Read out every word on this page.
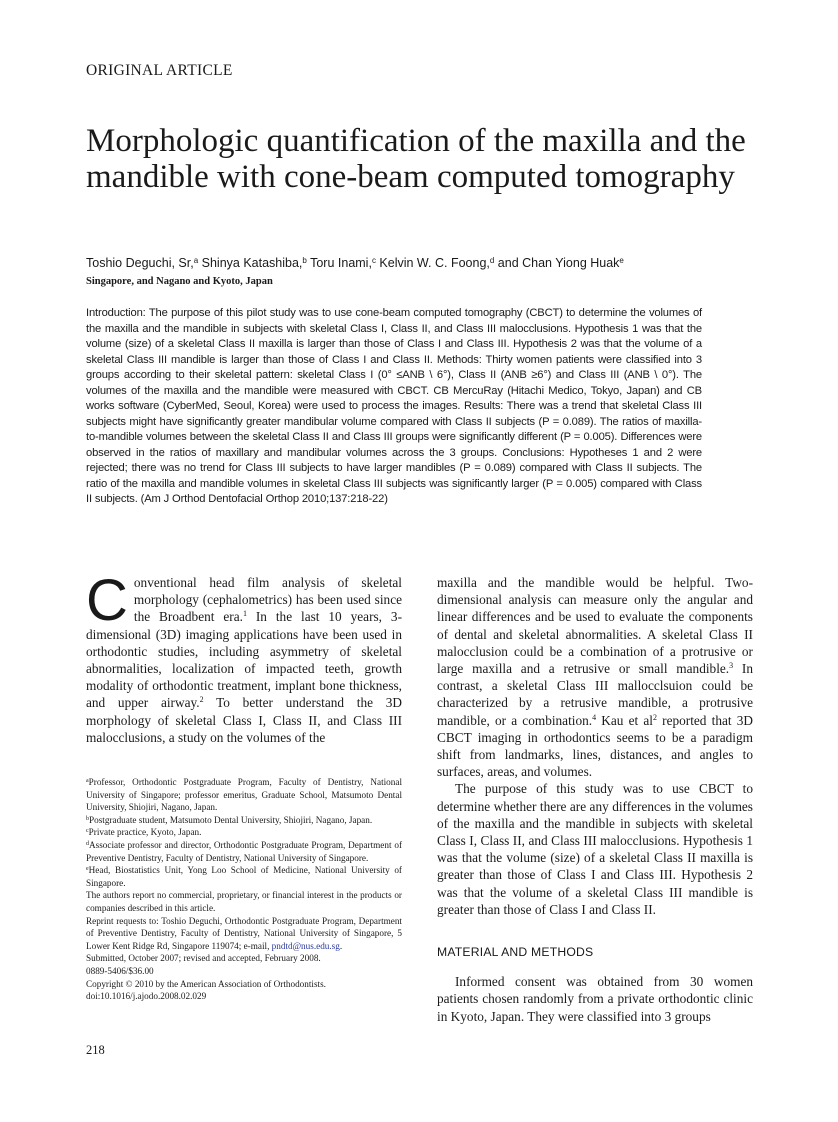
ORIGINAL ARTICLE
Morphologic quantification of the maxilla and the mandible with cone-beam computed tomography
Toshio Deguchi, Sr,$^a$ Shinya Katashiba,$^b$ Toru Inami,$^c$ Kelvin W. C. Foong,$^d$ and Chan Yiong Huak$^e$
Singapore, and Nagano and Kyoto, Japan
Introduction: The purpose of this pilot study was to use cone-beam computed tomography (CBCT) to determine the volumes of the maxilla and the mandible in subjects with skeletal Class I, Class II, and Class III malocclusions. Hypothesis 1 was that the volume (size) of a skeletal Class II maxilla is larger than those of Class I and Class III. Hypothesis 2 was that the volume of a skeletal Class III mandible is larger than those of Class I and Class II. Methods: Thirty women patients were classified into 3 groups according to their skeletal pattern: skeletal Class I (0° ≤ANB \ 6°), Class II (ANB ≥6°) and Class III (ANB \ 0°). The volumes of the maxilla and the mandible were measured with CBCT. CB MercuRay (Hitachi Medico, Tokyo, Japan) and CB works software (CyberMed, Seoul, Korea) were used to process the images. Results: There was a trend that skeletal Class III subjects might have significantly greater mandibular volume compared with Class II subjects (P = 0.089). The ratios of maxilla-to-mandible volumes between the skeletal Class II and Class III groups were significantly different (P = 0.005). Differences were observed in the ratios of maxillary and mandibular volumes across the 3 groups. Conclusions: Hypotheses 1 and 2 were rejected; there was no trend for Class III subjects to have larger mandibles (P = 0.089) compared with Class II subjects. The ratio of the maxilla and mandible volumes in skeletal Class III subjects was significantly larger (P = 0.005) compared with Class II subjects. (Am J Orthod Dentofacial Orthop 2010;137:218-22)

Conventional head film analysis of skeletal morphology (cephalometrics) has been used since the Broadbent era.$^1$ In the last 10 years, 3-dimensional (3D) imaging applications have been used in orthodontic studies, including asymmetry of skeletal abnormalities, localization of impacted teeth, growth modality of orthodontic treatment, implant bone thickness, and upper airway.$^2$ To better understand the 3D morphology of skeletal Class I, Class II, and Class III malocclusions, a study on the volumes of the

$^a$Professor, Orthodontic Postgraduate Program, Faculty of Dentistry, National University of Singapore; professor emeritus, Graduate School, Matsumoto Dental University, Shiojiri, Nagano, Japan.
$^b$Postgraduate student, Matsumoto Dental University, Shiojiri, Nagano, Japan.
$^c$Private practice, Kyoto, Japan.
$^d$Associate professor and director, Orthodontic Postgraduate Program, Department of Preventive Dentistry, Faculty of Dentistry, National University of Singapore.
$^e$Head, Biostatistics Unit, Yong Loo School of Medicine, National University of Singapore.
The authors report no commercial, proprietary, or financial interest in the products or companies described in this article.
Reprint requests to: Toshio Deguchi, Orthodontic Postgraduate Program, Department of Preventive Dentistry, Faculty of Dentistry, National University of Singapore, 5 Lower Kent Ridge Rd, Singapore 119074; e-mail, pndtd@nus.edu.sg.
Submitted, October 2007; revised and accepted, February 2008.
0889-5406/$36.00
Copyright © 2010 by the American Association of Orthodontists.
doi:10.1016/j.ajodo.2008.02.029

maxilla and the mandible would be helpful. Two-dimensional analysis can measure only the angular and linear differences and be used to evaluate the components of dental and skeletal abnormalities. A skeletal Class II malocclusion could be a combination of a protrusive or large maxilla and a retrusive or small mandible.$^3$ In contrast, a skeletal Class III mallocclsuion could be characterized by a retrusive mandible, a protrusive mandible, or a combination.$^4$ Kau et $al^2$ reported that 3D CBCT imaging in orthodontics seems to be a paradigm shift from landmarks, lines, distances, and angles to surfaces, areas, and volumes.

The purpose of this study was to use CBCT to determine whether there are any differences in the volumes of the maxilla and the mandible in subjects with skeletal Class I, Class II, and Class III malocclusions. Hypothesis 1 was that the volume (size) of a skeletal Class II maxilla is greater than those of Class I and Class III. Hypothesis 2 was that the volume of a skeletal Class III mandible is greater than those of Class I and Class II.

MATERIAL AND METHODS

Informed consent was obtained from 30 women patients chosen randomly from a private orthodontic clinic in Kyoto, Japan. They were classified into 3 groups

218
